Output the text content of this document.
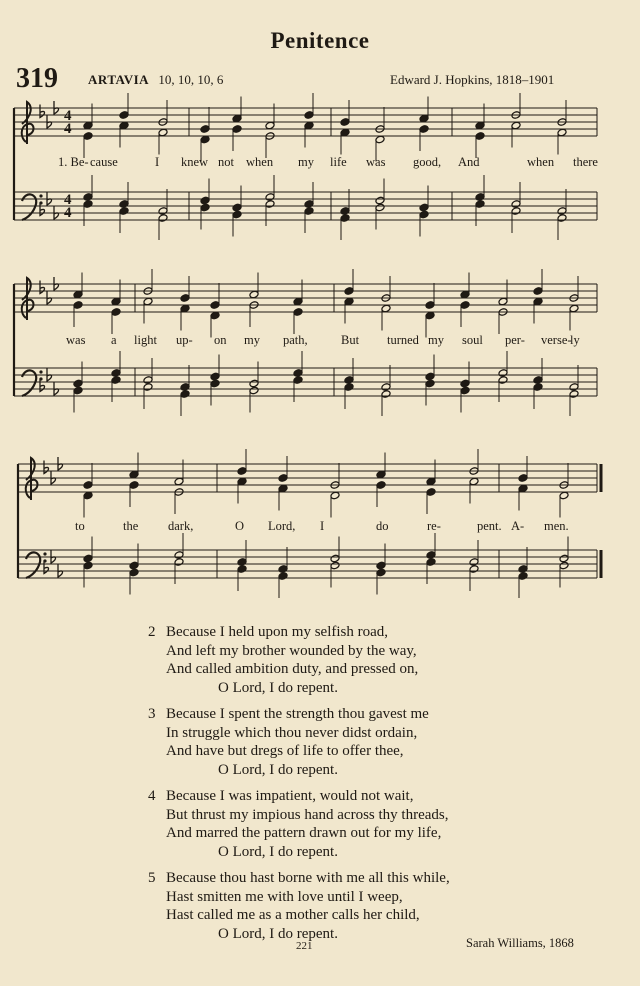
Penitence
319 ARTAVIA 10, 10, 10, 6	Edward J. Hopkins, 1818–1901
4
4
4
4
1. Be- cause	I knew not when my life was good, And	when there
was a light up- on my path,	But turned my soul per- verse-
ly
to	the dark,	O Lord, I	do	re-	pent. A- men.
2 Because I held upon my selfish road,
And left my brother wounded by the way,
And called ambition duty, and pressed on,
O Lord, I do repent.
3 Because I spent the strength thou gavest me
In struggle which thou never didst ordain,
And have but dregs of life to offer thee,
O Lord, I do repent.
4 Because I was impatient, would not wait,
But thrust my impious hand across thy threads,
And marred the pattern drawn out for my life,
O Lord, I do repent.
5 Because thou hast borne with me all this while,
Hast smitten me with love until I weep,
Hast called me as a mother calls her child,
O Lord, I do repent.
221	Sarah Williams, 1868
